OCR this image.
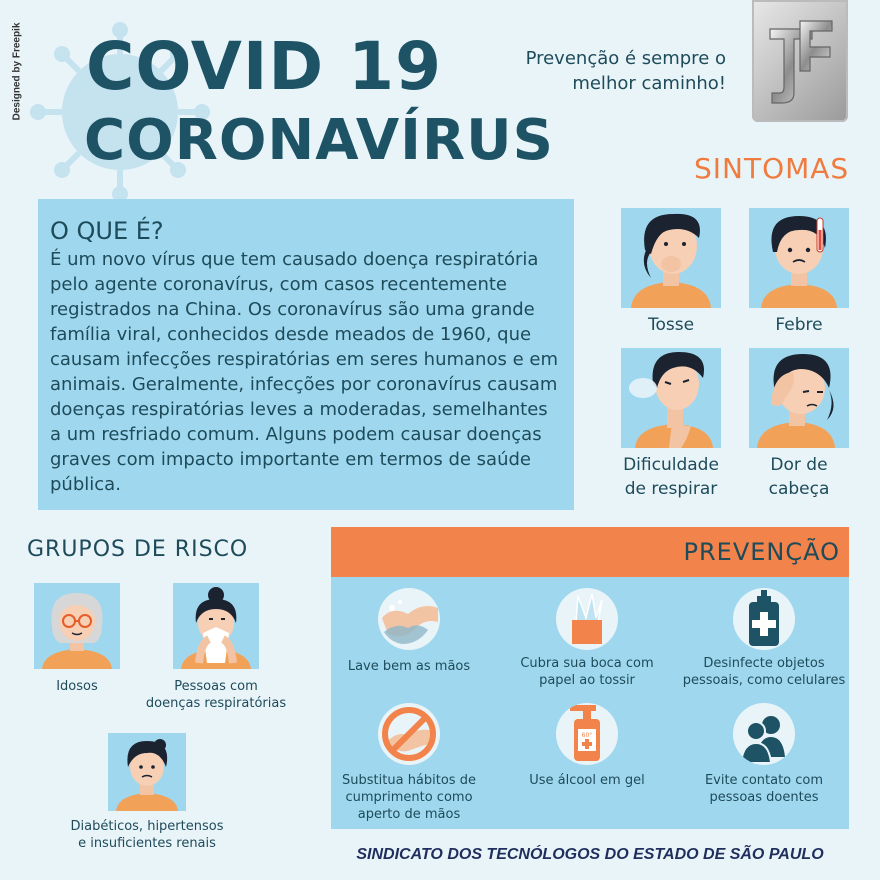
Designed by Freepik COVID 19
CORONAVÍRUS
Prevenção é sempre o
melhor caminho!
SINTOMAS
O QUE É?

É um novo vírus que tem causado doença respiratória pelo agente coronavírus, com casos recentemente registrados na China. Os coronavírus são uma grande família viral, conhecidos desde meados de 1960, que causam infecções respiratórias em seres humanos e em animais. Geralmente, infecções por coronavírus causam doenças respiratórias leves a moderadas, semelhantes a um resfriado comum. Alguns podem causar doenças graves com impacto importante em termos de saúde pública.

Tosse	Febre
Dificuldade
de respirar
Dor de
cabeça
GRUPOS DE RISCO
Idosos	Pessoas com
doenças respiratórias
Diabéticos, hipertensos
e insuficientes renais
PREVENÇÃO
Lave bem as mãos	Cubra sua boca com
papel ao tossir
Desinfecte objetos
pessoais, como celulares
Substitua hábitos de
cumprimento como
aperto de mãos
60°
Use álcool em gel	Evite contato com
pessoas doentes
SINDICATO DOS TECNÓLOGOS DO ESTADO DE SÃO PAULO
